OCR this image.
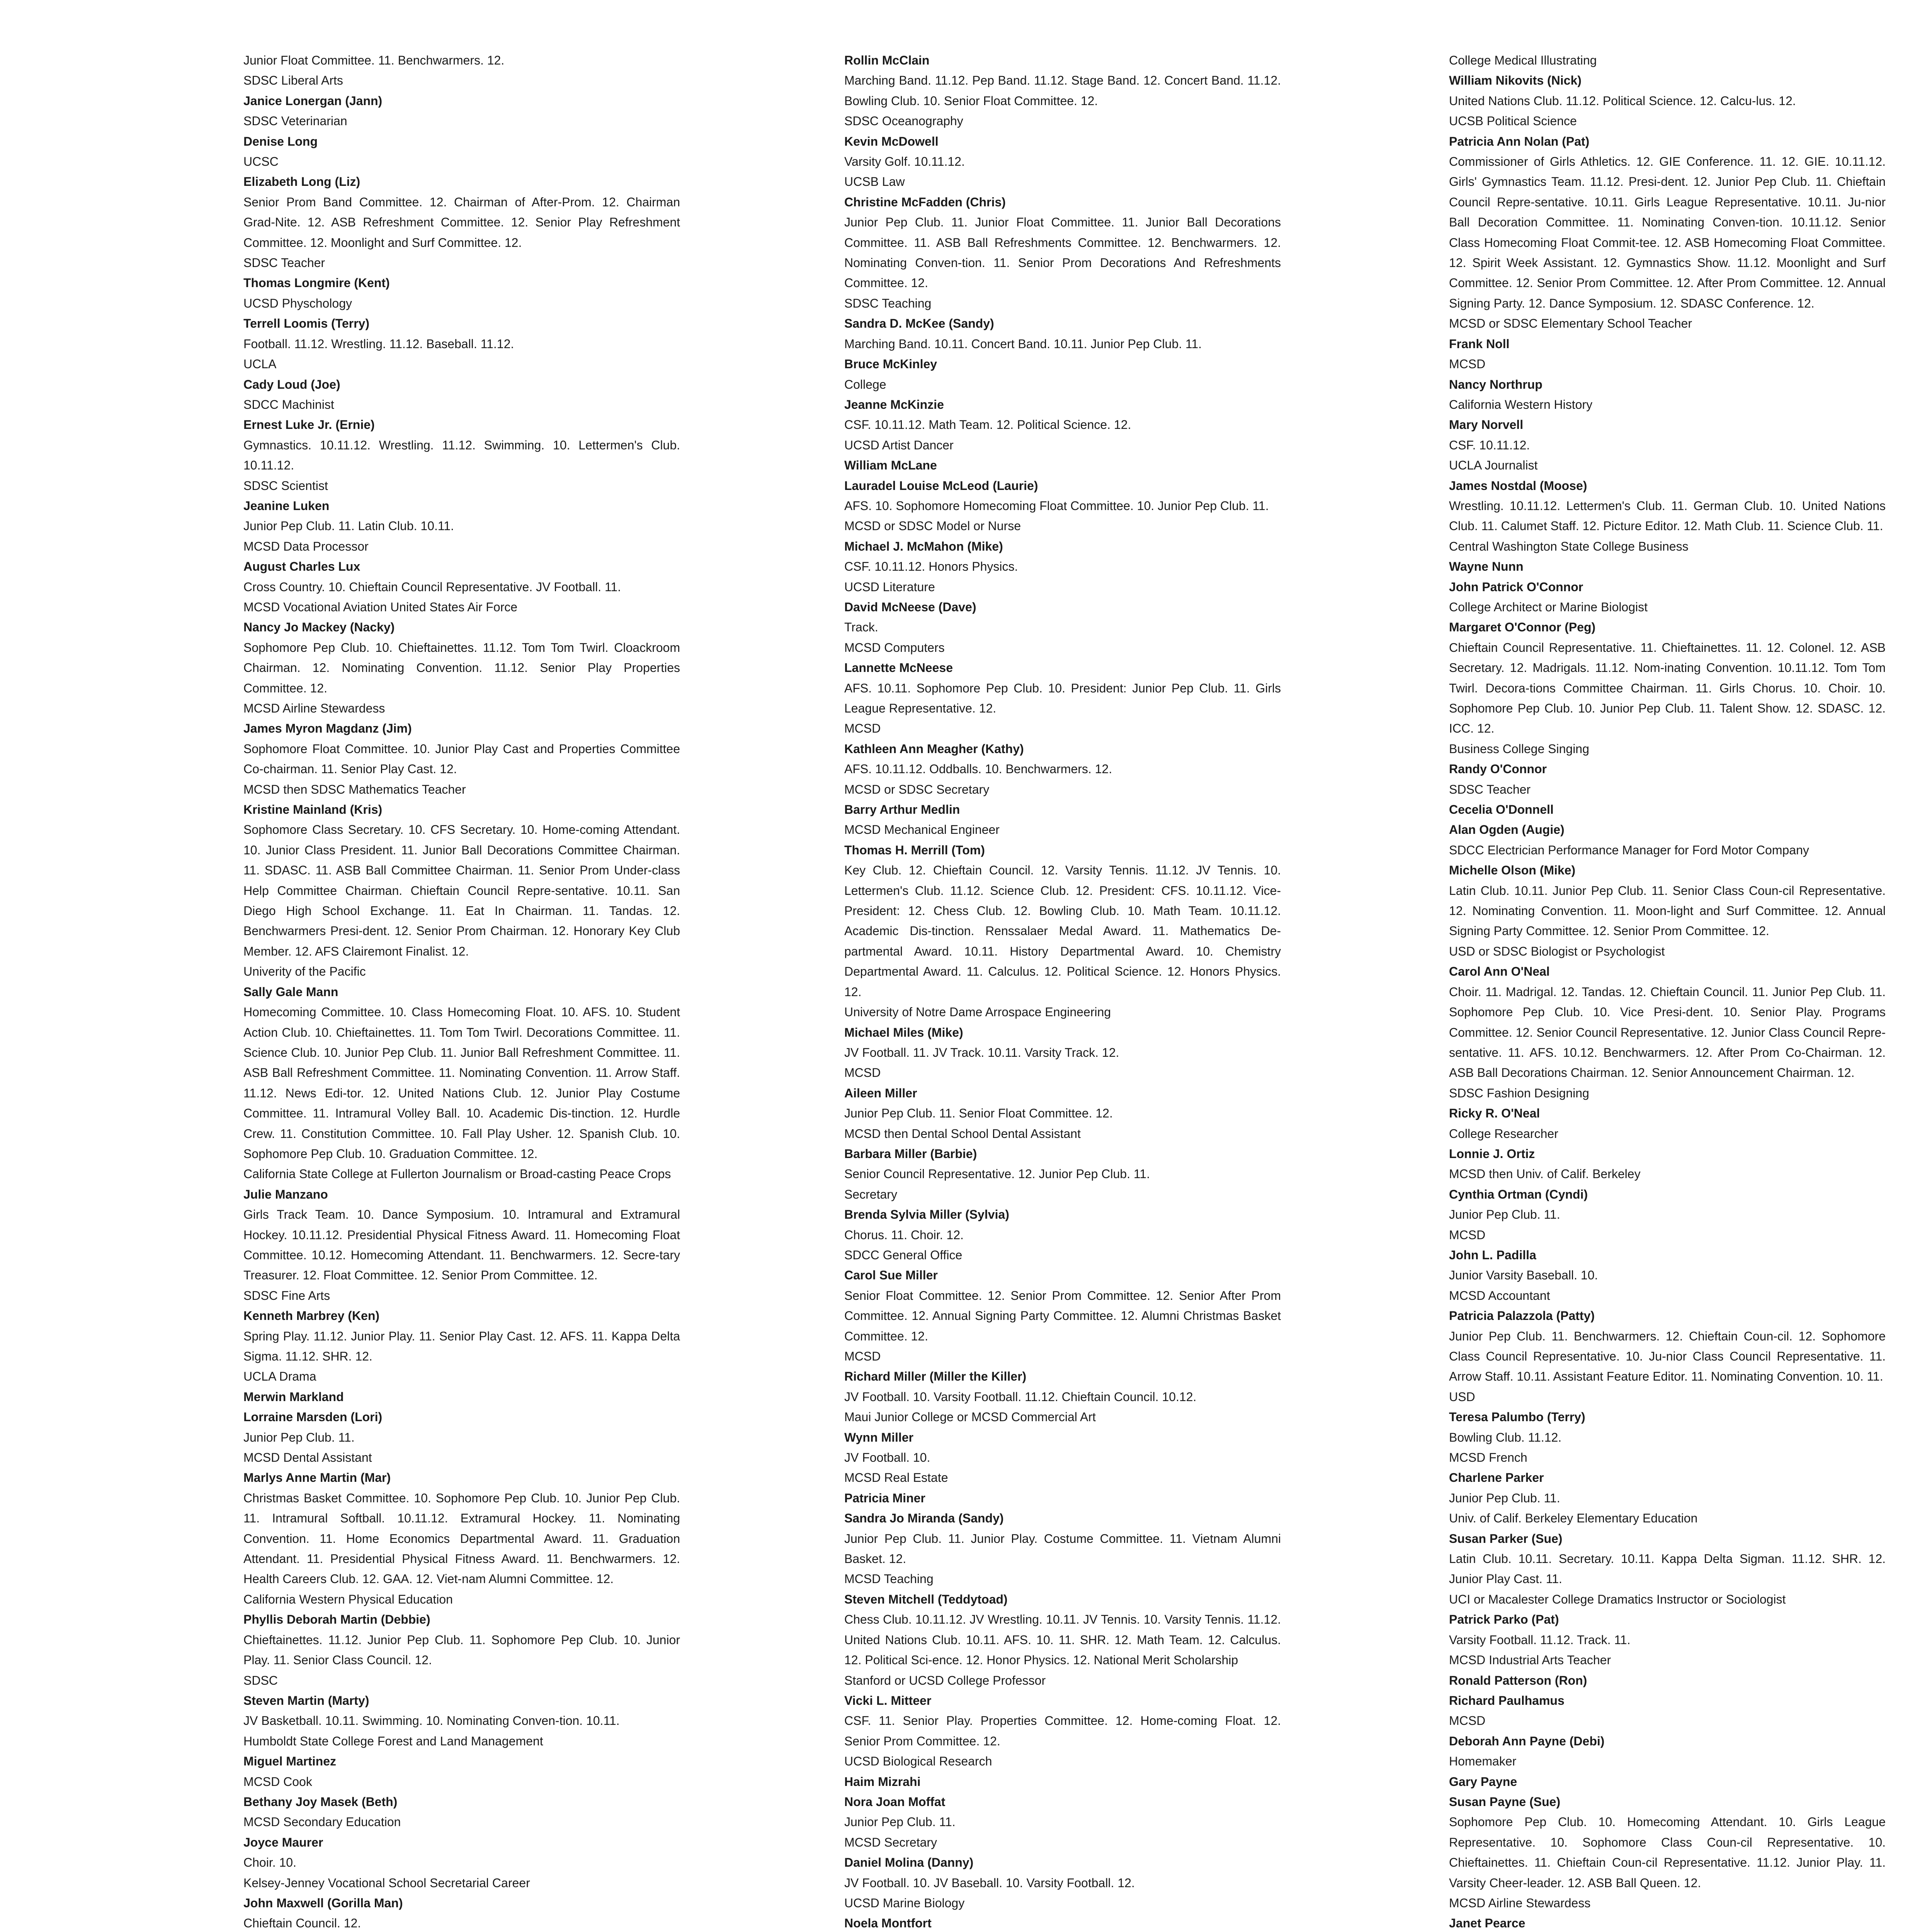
Junior Float Committee. 11. Benchwarmers. 12.

SDSC Liberal Arts

Janice Lonergan (Jann)

SDSC Veterinarian

Denise Long

UCSC

Elizabeth Long (Liz)

Senior Prom Band Committee. 12. Chairman of After-Prom. 12. Chairman Grad-Nite. 12. ASB Refreshment Committee. 12. Senior Play Refreshment Committee. 12. Moonlight and Surf Committee. 12.

SDSC Teacher

Thomas Longmire (Kent)

UCSD Physchology

Terrell Loomis (Terry)

Football. 11.12. Wrestling. 11.12. Baseball. 11.12.

UCLA

Cady Loud (Joe)

SDCC Machinist

Ernest Luke Jr. (Ernie)

Gymnastics. 10.11.12. Wrestling. 11.12. Swimming. 10. Lettermen's Club. 10.11.12.

SDSC Scientist

Jeanine Luken

Junior Pep Club. 11. Latin Club. 10.11.

MCSD Data Processor

August Charles Lux

Cross Country. 10. Chieftain Council Representative. JV Football. 11.

MCSD Vocational Aviation United States Air Force

Nancy Jo Mackey (Nacky)

Sophomore Pep Club. 10. Chieftainettes. 11.12. Tom Tom Twirl. Cloackroom Chairman. 12. Nominating Convention. 11.12. Senior Play Properties Committee. 12.

MCSD Airline Stewardess

James Myron Magdanz (Jim)

Sophomore Float Committee. 10. Junior Play Cast and Properties Committee Co-chairman. 11. Senior Play Cast. 12.

MCSD then SDSC Mathematics Teacher

Kristine Mainland (Kris)

Sophomore Class Secretary. 10. CFS Secretary. 10. Home-coming Attendant. 10. Junior Class President. 11. Junior Ball Decorations Committee Chairman. 11. SDASC. 11. ASB Ball Committee Chairman. 11. Senior Prom Under-class Help Committee Chairman. Chieftain Council Repre-sentative. 10.11. San Diego High School Exchange. 11. Eat In Chairman. 11. Tandas. 12. Benchwarmers Presi-dent. 12. Senior Prom Chairman. 12. Honorary Key Club Member. 12. AFS Clairemont Finalist. 12.

Univerity of the Pacific

Sally Gale Mann

Homecoming Committee. 10. Class Homecoming Float. 10. AFS. 10. Student Action Club. 10. Chieftainettes. 11. Tom Tom Twirl. Decorations Committee. 11. Science Club. 10. Junior Pep Club. 11. Junior Ball Refreshment Committee. 11. ASB Ball Refreshment Committee. 11. Nominating Convention. 11. Arrow Staff. 11.12. News Edi-tor. 12. United Nations Club. 12. Junior Play Costume Committee. 11. Intramural Volley Ball. 10. Academic Dis-tinction. 12. Hurdle Crew. 11. Constitution Committee. 10. Fall Play Usher. 12. Spanish Club. 10. Sophomore Pep Club. 10. Graduation Committee. 12.

California State College at Fullerton Journalism or Broad-casting Peace Crops

Julie Manzano

Girls Track Team. 10. Dance Symposium. 10. Intramural and Extramural Hockey. 10.11.12. Presidential Physical Fitness Award. 11. Homecoming Float Committee. 10.12. Homecoming Attendant. 11. Benchwarmers. 12. Secre-tary Treasurer. 12. Float Committee. 12. Senior Prom Committee. 12.

SDSC Fine Arts

Kenneth Marbrey (Ken)

Spring Play. 11.12. Junior Play. 11. Senior Play Cast. 12. AFS. 11. Kappa Delta Sigma. 11.12. SHR. 12.

UCLA Drama

Merwin Markland

Lorraine Marsden (Lori)

Junior Pep Club. 11.

MCSD Dental Assistant

Marlys Anne Martin (Mar)

Christmas Basket Committee. 10. Sophomore Pep Club. 10. Junior Pep Club. 11. Intramural Softball. 10.11.12. Extramural Hockey. 11. Nominating Convention. 11. Home Economics Departmental Award. 11. Graduation Attendant. 11. Presidential Physical Fitness Award. 11. Benchwarmers. 12. Health Careers Club. 12. GAA. 12. Viet-nam Alumni Committee. 12.

California Western Physical Education

Phyllis Deborah Martin (Debbie)

Chieftainettes. 11.12. Junior Pep Club. 11. Sophomore Pep Club. 10. Junior Play. 11. Senior Class Council. 12.

SDSC

Steven Martin (Marty)

JV Basketball. 10.11. Swimming. 10. Nominating Conven-tion. 10.11.

Humboldt State College Forest and Land Management

Miguel Martinez

MCSD Cook

Bethany Joy Masek (Beth)

MCSD Secondary Education

Joyce Maurer

Choir. 10.

Kelsey-Jenney Vocational School Secretarial Career

John Maxwell (Gorilla Man)

Chieftain Council. 12.

Rollin McClain

Marching Band. 11.12. Pep Band. 11.12. Stage Band. 12. Concert Band. 11.12. Bowling Club. 10. Senior Float Committee. 12.

SDSC Oceanography

Kevin McDowell

Varsity Golf. 10.11.12.

UCSB Law

Christine McFadden (Chris)

Junior Pep Club. 11. Junior Float Committee. 11. Junior Ball Decorations Committee. 11. ASB Ball Refreshments Committee. 12. Benchwarmers. 12. Nominating Conven-tion. 11. Senior Prom Decorations And Refreshments Committee. 12.

SDSC Teaching

Sandra D. McKee (Sandy)

Marching Band. 10.11. Concert Band. 10.11. Junior Pep Club. 11.

Bruce McKinley

College

Jeanne McKinzie

CSF. 10.11.12. Math Team. 12. Political Science. 12.

UCSD Artist Dancer

William McLane

Lauradel Louise McLeod (Laurie)

AFS. 10. Sophomore Homecoming Float Committee. 10. Junior Pep Club. 11.

MCSD or SDSC Model or Nurse

Michael J. McMahon (Mike)

CSF. 10.11.12. Honors Physics.

UCSD Literature

David McNeese (Dave)

Track.

MCSD Computers

Lannette McNeese

AFS. 10.11. Sophomore Pep Club. 10. President: Junior Pep Club. 11. Girls League Representative. 12.

MCSD

Kathleen Ann Meagher (Kathy)

AFS. 10.11.12. Oddballs. 10. Benchwarmers. 12.

MCSD or SDSC Secretary

Barry Arthur Medlin

MCSD Mechanical Engineer

Thomas H. Merrill (Tom)

Key Club. 12. Chieftain Council. 12. Varsity Tennis. 11.12. JV Tennis. 10. Lettermen's Club. 11.12. Science Club. 12. President: CFS. 10.11.12. Vice-President: 12. Chess Club. 12. Bowling Club. 10. Math Team. 10.11.12. Academic Dis-tinction. Renssalaer Medal Award. 11. Mathematics De-partmental Award. 10.11. History Departmental Award. 10. Chemistry Departmental Award. 11. Calculus. 12. Political Science. 12. Honors Physics. 12.

University of Notre Dame Arrospace Engineering

Michael Miles (Mike)

JV Football. 11. JV Track. 10.11. Varsity Track. 12.

MCSD

Aileen Miller

Junior Pep Club. 11. Senior Float Committee. 12.

MCSD then Dental School Dental Assistant

Barbara Miller (Barbie)

Senior Council Representative. 12. Junior Pep Club. 11.

Secretary

Brenda Sylvia Miller (Sylvia)

Chorus. 11. Choir. 12.

SDCC General Office

Carol Sue Miller

Senior Float Committee. 12. Senior Prom Committee. 12. Senior After Prom Committee. 12. Annual Signing Party Committee. 12. Alumni Christmas Basket Committee. 12.

MCSD

Richard Miller (Miller the Killer)

JV Football. 10. Varsity Football. 11.12. Chieftain Council. 10.12.

Maui Junior College or MCSD Commercial Art

Wynn Miller

JV Football. 10.

MCSD Real Estate

Patricia Miner

Sandra Jo Miranda (Sandy)

Junior Pep Club. 11. Junior Play. Costume Committee. 11. Vietnam Alumni Basket. 12.

MCSD Teaching

Steven Mitchell (Teddytoad)

Chess Club. 10.11.12. JV Wrestling. 10.11. JV Tennis. 10. Varsity Tennis. 11.12. United Nations Club. 10.11. AFS. 10. 11. SHR. 12. Math Team. 12. Calculus. 12. Political Sci-ence. 12. Honor Physics. 12. National Merit Scholarship

Stanford or UCSD College Professor

Vicki L. Mitteer

CSF. 11. Senior Play. Properties Committee. 12. Home-coming Float. 12. Senior Prom Committee. 12.

UCSD Biological Research

Haim Mizrahi

Nora Joan Moffat

Junior Pep Club. 11.

MCSD Secretary

Daniel Molina (Danny)

JV Football. 10. JV Baseball. 10. Varsity Football. 12.

UCSD Marine Biology

Noela Montfort

College Medical Illustrating

William Nikovits (Nick)

United Nations Club. 11.12. Political Science. 12. Calcu-lus. 12.

UCSB Political Science

Patricia Ann Nolan (Pat)

Commissioner of Girls Athletics. 12. GIE Conference. 11. 12. GIE. 10.11.12. Girls' Gymnastics Team. 11.12. Presi-dent. 12. Junior Pep Club. 11. Chieftain Council Repre-sentative. 10.11. Girls League Representative. 10.11. Ju-nior Ball Decoration Committee. 11. Nominating Conven-tion. 10.11.12. Senior Class Homecoming Float Commit-tee. 12. ASB Homecoming Float Committee. 12. Spirit Week Assistant. 12. Gymnastics Show. 11.12. Moonlight and Surf Committee. 12. Senior Prom Committee. 12. After Prom Committee. 12. Annual Signing Party. 12. Dance Symposium. 12. SDASC Conference. 12.

MCSD or SDSC Elementary School Teacher

Frank Noll

MCSD

Nancy Northrup

California Western History

Mary Norvell

CSF. 10.11.12.

UCLA Journalist

James Nostdal (Moose)

Wrestling. 10.11.12. Lettermen's Club. 11. German Club. 10. United Nations Club. 11. Calumet Staff. 12. Picture Editor. 12. Math Club. 11. Science Club. 11.

Central Washington State College Business

Wayne Nunn

John Patrick O'Connor

College Architect or Marine Biologist

Margaret O'Connor (Peg)

Chieftain Council Representative. 11. Chieftainettes. 11. 12. Colonel. 12. ASB Secretary. 12. Madrigals. 11.12. Nom-inating Convention. 10.11.12. Tom Tom Twirl. Decora-tions Committee Chairman. 11. Girls Chorus. 10. Choir. 10. Sophomore Pep Club. 10. Junior Pep Club. 11. Talent Show. 12. SDASC. 12. ICC. 12.

Business College Singing

Randy O'Connor

SDSC Teacher

Cecelia O'Donnell

Alan Ogden (Augie)

SDCC Electrician Performance Manager for Ford Motor Company

Michelle Olson (Mike)

Latin Club. 10.11. Junior Pep Club. 11. Senior Class Coun-cil Representative. 12. Nominating Convention. 11. Moon-light and Surf Committee. 12. Annual Signing Party Committee. 12. Senior Prom Committee. 12.

USD or SDSC Biologist or Psychologist

Carol Ann O'Neal

Choir. 11. Madrigal. 12. Tandas. 12. Chieftain Council. 11. Junior Pep Club. 11. Sophomore Pep Club. 10. Vice Presi-dent. 10. Senior Play. Programs Committee. 12. Senior Council Representative. 12. Junior Class Council Repre-sentative. 11. AFS. 10.12. Benchwarmers. 12. After Prom Co-Chairman. 12. ASB Ball Decorations Chairman. 12. Senior Announcement Chairman. 12.

SDSC Fashion Designing

Ricky R. O'Neal

College Researcher

Lonnie J. Ortiz

MCSD then Univ. of Calif. Berkeley

Cynthia Ortman (Cyndi)

Junior Pep Club. 11.

MCSD

John L. Padilla

Junior Varsity Baseball. 10.

MCSD Accountant

Patricia Palazzola (Patty)

Junior Pep Club. 11. Benchwarmers. 12. Chieftain Coun-cil. 12. Sophomore Class Council Representative. 10. Ju-nior Class Council Representative. 11. Arrow Staff. 10.11. Assistant Feature Editor. 11. Nominating Convention. 10. 11.

USD

Teresa Palumbo (Terry)

Bowling Club. 11.12.

MCSD French

Charlene Parker

Junior Pep Club. 11.

Univ. of Calif. Berkeley Elementary Education

Susan Parker (Sue)

Latin Club. 10.11. Secretary. 10.11. Kappa Delta Sigman. 11.12. SHR. 12. Junior Play Cast. 11.

UCI or Macalester College Dramatics Instructor or Sociologist

Patrick Parko (Pat)

Varsity Football. 11.12. Track. 11.

MCSD Industrial Arts Teacher

Ronald Patterson (Ron)

Richard Paulhamus

MCSD

Deborah Ann Payne (Debi)

Homemaker

Gary Payne

Susan Payne (Sue)

Sophomore Pep Club. 10. Homecoming Attendant. 10. Girls League Representative. 10. Sophomore Class Coun-cil Representative. 10. Chieftainettes. 11. Chieftain Coun-cil Representative. 11.12. Junior Play. 11. Varsity Cheer-leader. 12. ASB Ball Queen. 12.

MCSD Airline Stewardess

Janet Pearce
